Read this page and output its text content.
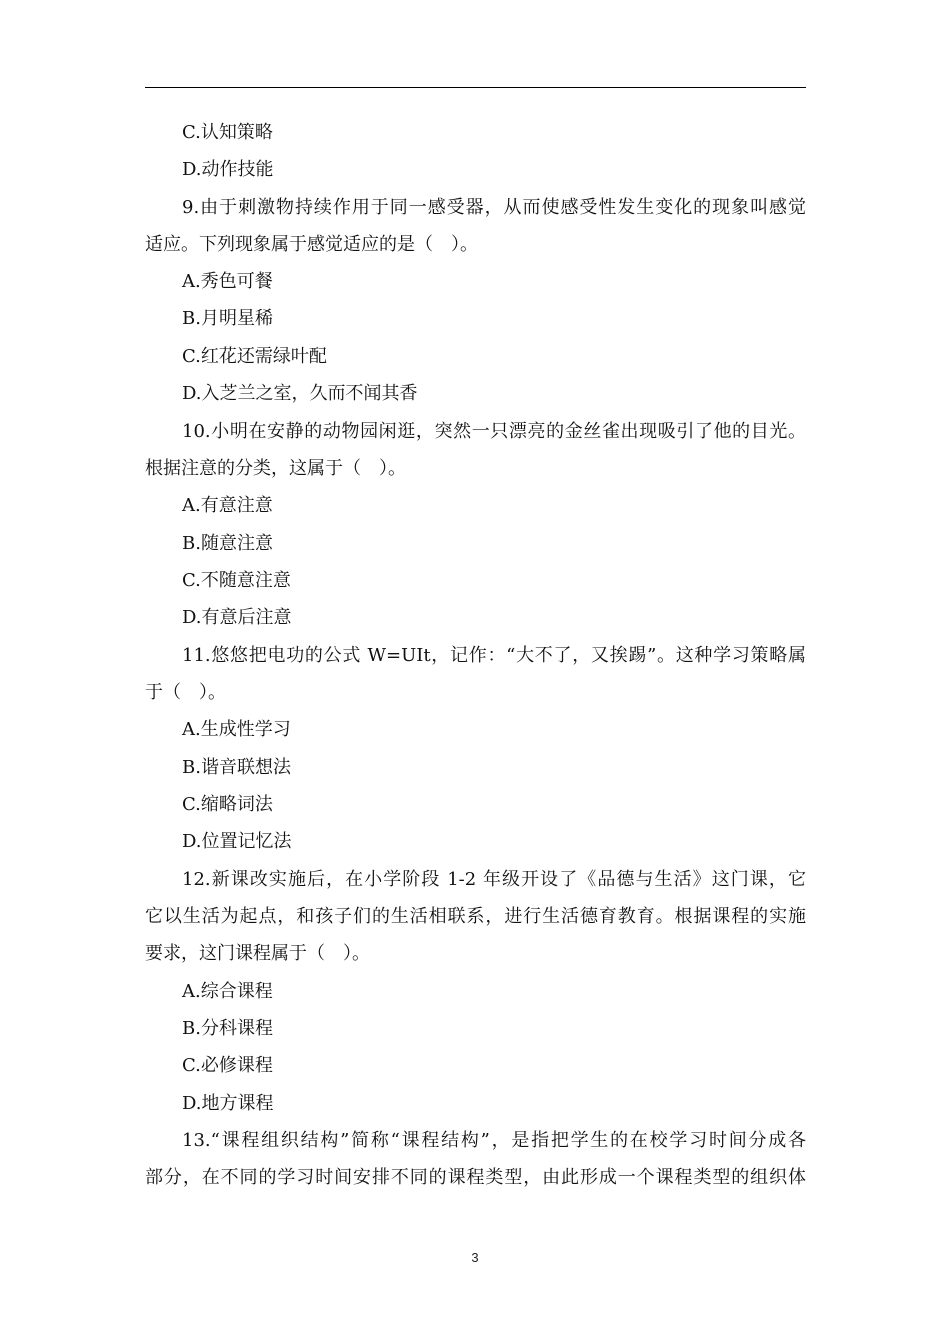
C.认知策略

D.动作技能

9.由于刺激物持续作用于同一感受器，从而使感受性发生变化的现象叫感觉

适应。下列现象属于感觉适应的是（　）。

A.秀色可餐

B.月明星稀

C.红花还需绿叶配

D.入芝兰之室，久而不闻其香

10.小明在安静的动物园闲逛，突然一只漂亮的金丝雀出现吸引了他的目光。

根据注意的分类，这属于（　）。

A.有意注意

B.随意注意

C.不随意注意

D.有意后注意

11.悠悠把电功的公式 W=UIt，记作：“大不了，又挨踢”。这种学习策略属

于（　）。

A.生成性学习

B.谐音联想法

C.缩略词法

D.位置记忆法

12.新课改实施后，在小学阶段 1-2 年级开设了《品德与生活》这门课，它

它以生活为起点，和孩子们的生活相联系，进行生活德育教育。根据课程的实施

要求，这门课程属于（　）。

A.综合课程

B.分科课程

C.必修课程

D.地方课程

13.“课程组织结构”简称“课程结构”，是指把学生的在校学习时间分成各

部分，在不同的学习时间安排不同的课程类型，由此形成一个课程类型的组织体

3
